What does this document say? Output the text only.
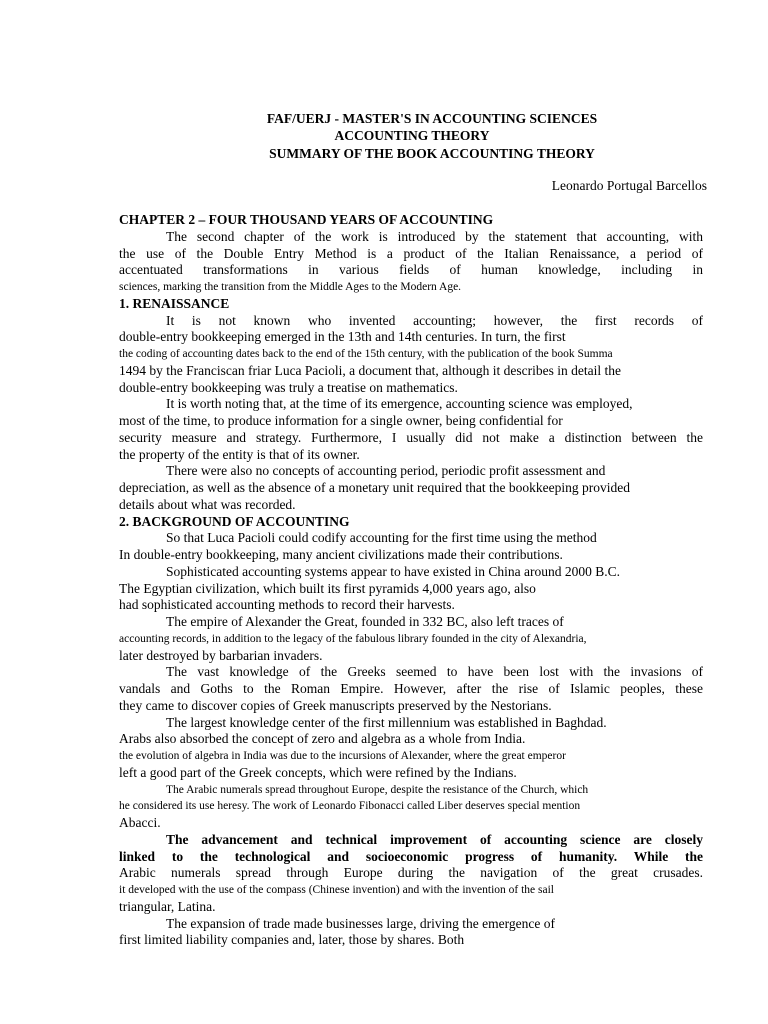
FAF/UERJ - MASTER'S IN ACCOUNTING SCIENCES
ACCOUNTING THEORY
SUMMARY OF THE BOOK ACCOUNTING THEORY
Leonardo Portugal Barcellos
CHAPTER 2 – FOUR THOUSAND YEARS OF ACCOUNTING
The second chapter of the work is introduced by the statement that accounting, with
the use of the Double Entry Method is a product of the Italian Renaissance, a period of
accentuated transformations in various fields of human knowledge, including in
sciences, marking the transition from the Middle Ages to the Modern Age.
1. RENAISSANCE
It is not known who invented accounting; however, the first records of
double-entry bookkeeping emerged in the 13th and 14th centuries. In turn, the first
the coding of accounting dates back to the end of the 15th century, with the publication of the book Summa
1494 by the Franciscan friar Luca Pacioli, a document that, although it describes in detail the
double-entry bookkeeping was truly a treatise on mathematics.
It is worth noting that, at the time of its emergence, accounting science was employed,
most of the time, to produce information for a single owner, being confidential for
security measure and strategy. Furthermore, I usually did not make a distinction between the
the property of the entity is that of its owner.
There were also no concepts of accounting period, periodic profit assessment and
depreciation, as well as the absence of a monetary unit required that the bookkeeping provided
details about what was recorded.
2. BACKGROUND OF ACCOUNTING
So that Luca Pacioli could codify accounting for the first time using the method
In double-entry bookkeeping, many ancient civilizations made their contributions.
Sophisticated accounting systems appear to have existed in China around 2000 B.C.
The Egyptian civilization, which built its first pyramids 4,000 years ago, also
had sophisticated accounting methods to record their harvests.
The empire of Alexander the Great, founded in 332 BC, also left traces of
accounting records, in addition to the legacy of the fabulous library founded in the city of Alexandria,
later destroyed by barbarian invaders.
The vast knowledge of the Greeks seemed to have been lost with the invasions of
vandals and Goths to the Roman Empire. However, after the rise of Islamic peoples, these
they came to discover copies of Greek manuscripts preserved by the Nestorians.
The largest knowledge center of the first millennium was established in Baghdad.
Arabs also absorbed the concept of zero and algebra as a whole from India.
the evolution of algebra in India was due to the incursions of Alexander, where the great emperor
left a good part of the Greek concepts, which were refined by the Indians.
The Arabic numerals spread throughout Europe, despite the resistance of the Church, which
he considered its use heresy. The work of Leonardo Fibonacci called Liber deserves special mention
Abacci.
The advancement and technical improvement of accounting science are closely
linked to the technological and socioeconomic progress of humanity. While the
Arabic numerals spread through Europe during the navigation of the great crusades.
it developed with the use of the compass (Chinese invention) and with the invention of the sail
triangular, Latina.
The expansion of trade made businesses large, driving the emergence of
first limited liability companies and, later, those by shares. Both
